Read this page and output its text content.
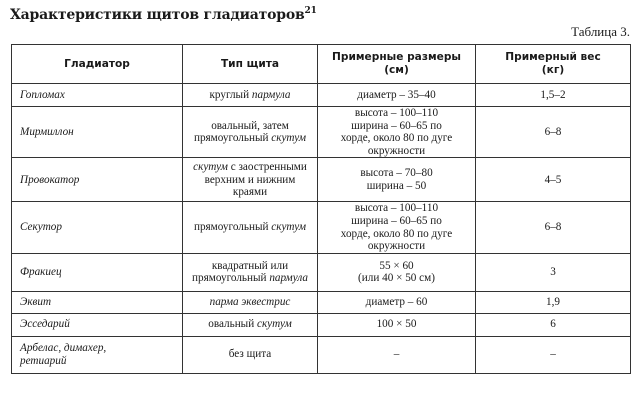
Характеристики щитов гладиаторов$^{21}$
Таблица 3.
Гладиатор	Тип щита	Примерные размеры
(см)	Примерный вес
(кг)
Гопломах	круглый пармула	диаметр – 35–40	1,5–2
Мирмиллон	овальный, затем
прямоугольный скутум	высота – 100–110
ширина – 60–65 по
хорде, около 80 по дуге
окружности	6–8
Провокатор	скутум с заостренными
верхним и нижним
краями	высота – 70–80
ширина – 50	4–5
Секутор	прямоугольный скутум	высота – 100–110
ширина – 60–65 по
хорде, около 80 по дуге
окружности	6–8
Фракиец	квадратный или
прямоугольный пармула	55 × 60
(или 40 × 50 см)	3
Эквит	парма эквестрис	диаметр – 60	1,9
Эсседарий	овальный скутум	100 × 50	6
Арбелас, димахер,
ретиарий	без щита	–	–
